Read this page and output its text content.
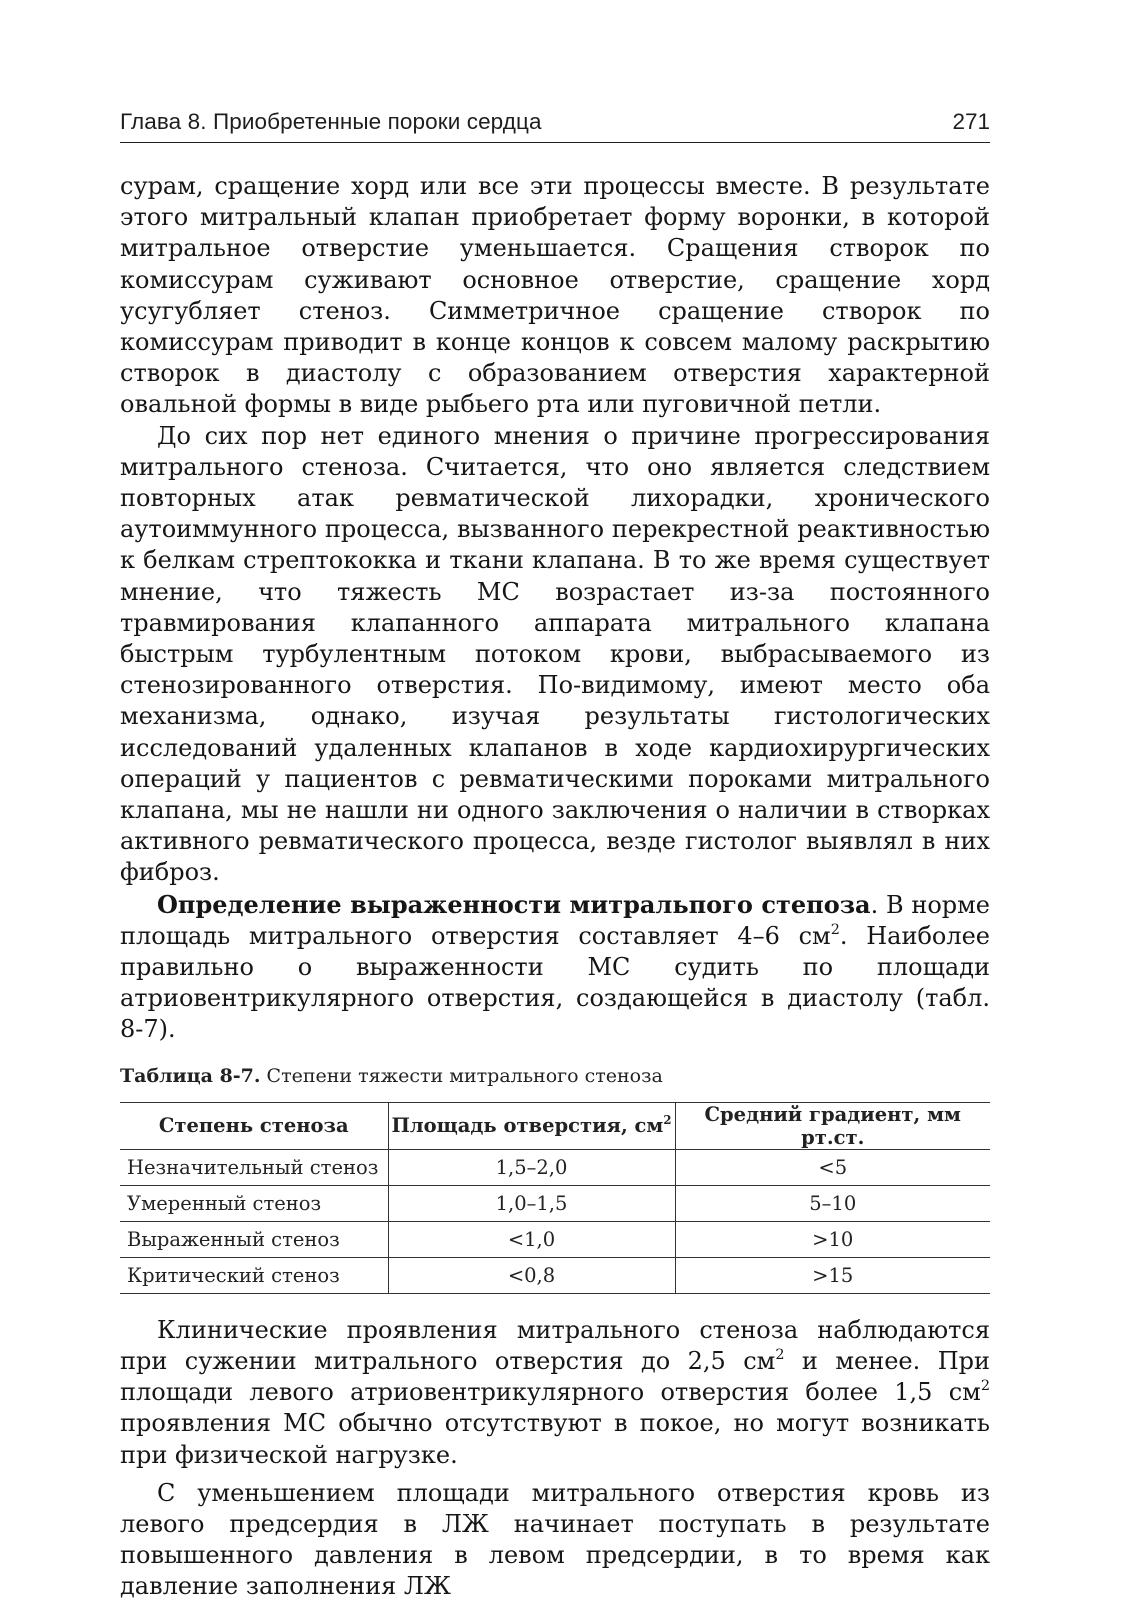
Глава 8. Приобретенные пороки сердца	271

сурам, сращение хорд или все эти процессы вместе. В результате этого митральный клапан приобретает форму воронки, в которой митральное отверстие уменьшается. Сращения створок по комиссурам суживают основное отверстие, сращение хорд усугубляет стеноз. Симметричное сращение створок по комиссурам приводит в конце концов к совсем малому раскрытию створок в диастолу с образованием отверстия характерной овальной формы в виде рыбьего рта или пуговичной петли.

До сих пор нет единого мнения о причине прогрессирования митрального стеноза. Считается, что оно является следствием повторных атак ревматической лихорадки, хронического аутоиммунного процесса, вызванного перекрестной реактивностью к белкам стрептококка и ткани клапана. В то же время существует мнение, что тяжесть МС возрастает из-за постоянного травмирования клапанного аппарата митрального клапана быстрым турбулентным потоком крови, выбрасываемого из стенозированного отверстия. По-видимому, имеют место оба механизма, однако, изучая результаты гистологических исследований удаленных клапанов в ходе кардиохирургических операций у пациентов с ревматическими пороками митрального клапана, мы не нашли ни одного заключения о наличии в створках активного ревматического процесса, везде гистолог выявлял в них фиброз.

Определение выраженности митральпого степоза. В норме площадь митрального отверстия составляет 4–6 $см^2$. Наиболее правильно о выраженности МС судить по площади атриовентрикулярного отверстия, создающейся в диастолу (табл. 8-7).

Таблица 8-7. Степени тяжести митрального стеноза
Степень стеноза	Площадь отверстия, $см^2$	Средний градиент, мм рт.ст.
Незначительный стеноз	1,5–2,0	<5
Умеренный стеноз	1,0–1,5	5–10
Выраженный стеноз	<1,0	>10
Критический стеноз	<0,8	>15

Клинические проявления митрального стеноза наблюдаются при сужении митрального отверстия до 2,5 $см^2$ и менее. При площади левого атриовентрикулярного отверстия более 1,5 $см^2$ проявления МС обычно отсутствуют в покое, но могут возникать при физической нагрузке.

С уменьшением площади митрального отверстия кровь из левого предсердия в ЛЖ начинает поступать в результате повышенного давления в левом предсердии, в то время как давление заполнения ЛЖ
